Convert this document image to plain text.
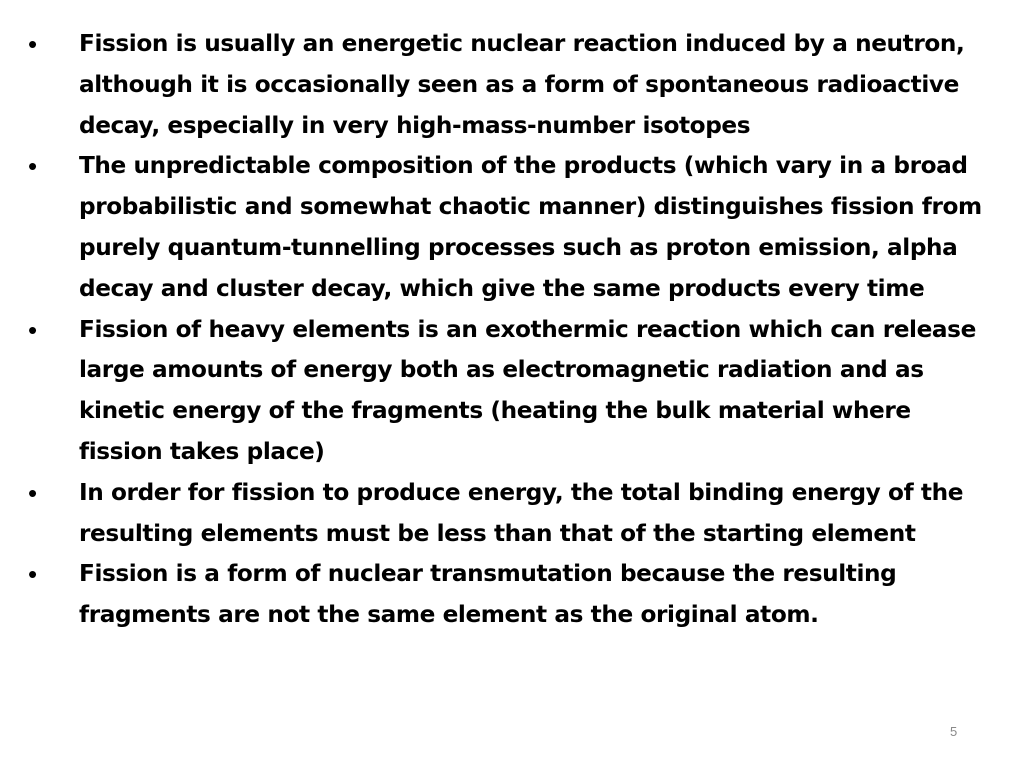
• Fission is usually an energetic nuclear reaction induced by a neutron, although it is occasionally seen as a form of spontaneous radioactive decay, especially in very high-mass-number isotopes
• The unpredictable composition of the products (which vary in a broad probabilistic and somewhat chaotic manner) distinguishes fission from purely quantum-tunnelling processes such as proton emission, alpha decay and cluster decay, which give the same products every time
• Fission of heavy elements is an exothermic reaction which can release large amounts of energy both as electromagnetic radiation and as kinetic energy of the fragments (heating the bulk material where fission takes place)
• In order for fission to produce energy, the total binding energy of the resulting elements must be less than that of the starting element
• Fission is a form of nuclear transmutation because the resulting fragments are not the same element as the original atom.
5
